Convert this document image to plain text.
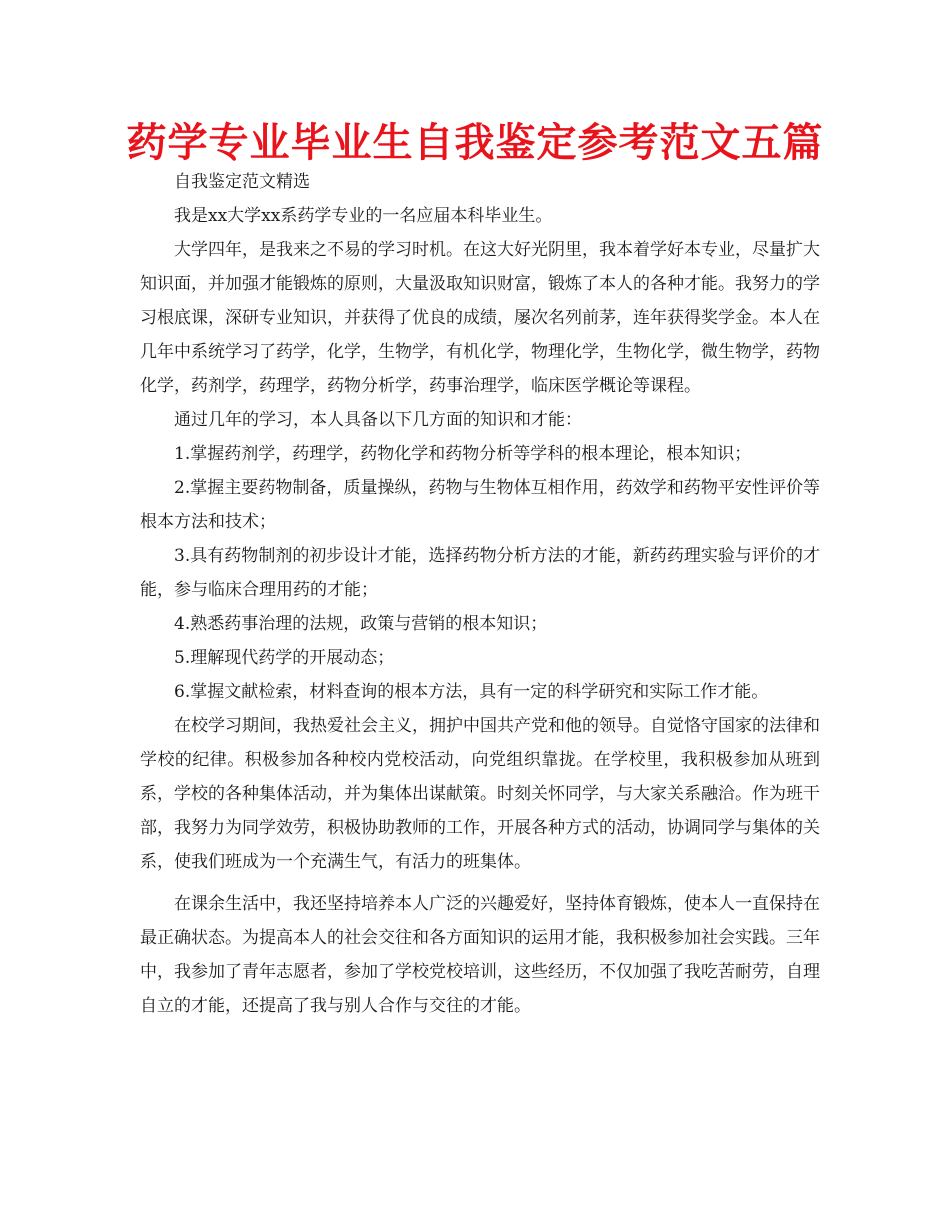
药学专业毕业生自我鉴定参考范文五篇

自我鉴定范文精选

我是xx大学xx系药学专业的一名应届本科毕业生。

大学四年，是我来之不易的学习时机。在这大好光阴里，我本着学好本专业，尽量扩大知识面，并加强才能锻炼的原则，大量汲取知识财富，锻炼了本人的各种才能。我努力的学习根底课，深研专业知识，并获得了优良的成绩，屡次名列前茅，连年获得奖学金。本人在几年中系统学习了药学，化学，生物学，有机化学，物理化学，生物化学，微生物学，药物化学，药剂学，药理学，药物分析学，药事治理学，临床医学概论等课程。

通过几年的学习，本人具备以下几方面的知识和才能：

1.掌握药剂学，药理学，药物化学和药物分析等学科的根本理论，根本知识；

2.掌握主要药物制备，质量操纵，药物与生物体互相作用，药效学和药物平安性评价等根本方法和技术；

3.具有药物制剂的初步设计才能，选择药物分析方法的才能，新药药理实验与评价的才能，参与临床合理用药的才能；

4.熟悉药事治理的法规，政策与营销的根本知识；

5.理解现代药学的开展动态；

6.掌握文献检索，材料查询的根本方法，具有一定的科学研究和实际工作才能。

在校学习期间，我热爱社会主义，拥护中国共产党和他的领导。自觉恪守国家的法律和学校的纪律。积极参加各种校内党校活动，向党组织靠拢。在学校里，我积极参加从班到系，学校的各种集体活动，并为集体出谋献策。时刻关怀同学，与大家关系融洽。作为班干部，我努力为同学效劳，积极协助教师的工作，开展各种方式的活动，协调同学与集体的关系，使我们班成为一个充满生气，有活力的班集体。

在课余生活中，我还坚持培养本人广泛的兴趣爱好，坚持体育锻炼，使本人一直保持在最正确状态。为提高本人的社会交往和各方面知识的运用才能，我积极参加社会实践。三年中，我参加了青年志愿者，参加了学校党校培训，这些经历，不仅加强了我吃苦耐劳，自理自立的才能，还提高了我与别人合作与交往的才能。
